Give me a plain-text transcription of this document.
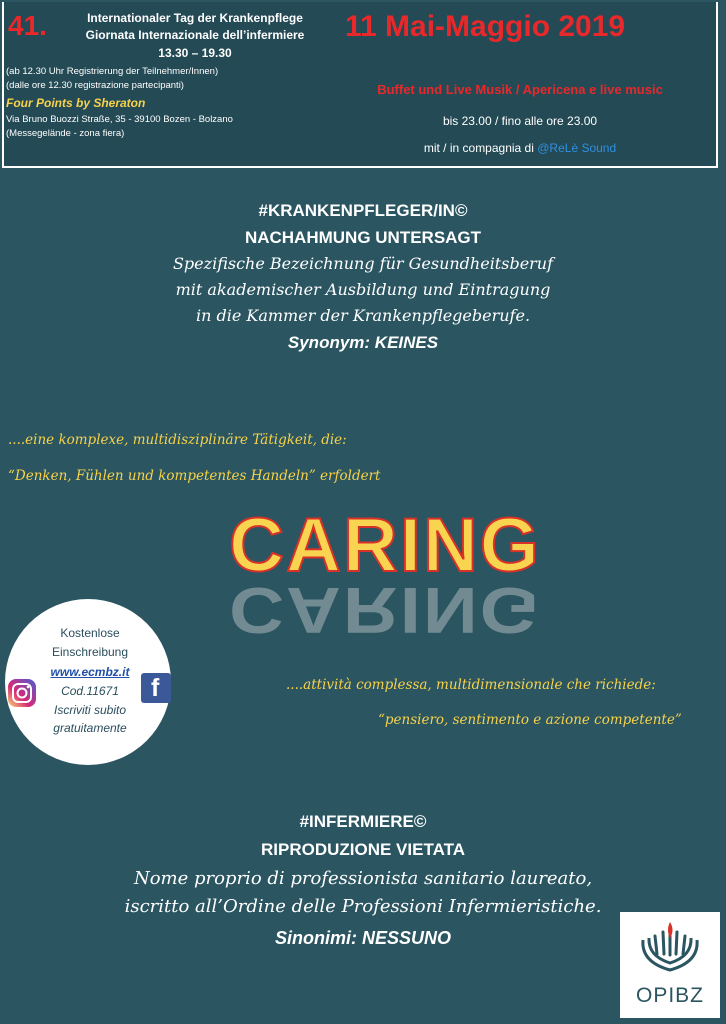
41.	Internationaler Tag der Krankenpflege
Giornata Internazionale dell’infermiere
13.30 – 19.30
(ab 12.30 Uhr Registrierung der Teilnehmer/Innen)
(dalle ore 12.30 registrazione partecipanti)
Four Points by Sheraton
Via Bruno Buozzi Straße, 35 - 39100 Bozen - Bolzano
(Messegelände - zona fiera)
11 Mai-Maggio 2019
Buffet und Live Musik / Apericena e live music
bis 23.00 / fino alle ore 23.00
mit / in compagnia di @ReLè Sound
#KRANKENPFLEGER/IN©
NACHAHMUNG UNTERSAGT
Spezifische Bezeichnung für Gesundheitsberuf
mit akademischer Ausbildung und Eintragung
in die Kammer der Krankenpflegeberufe.
Synonym: KEINES
....eine komplexe, multidisziplinäre Tätigkeit, die:
“Denken, Fühlen und kompetentes Handeln” erfoldert
CARING
CARING
Kostenlose
Einschreibung
www.ecmbz.it
Cod.11671
Iscriviti subito
gratuitamente
f	....attività complessa, multidimensionale che richiede:
“pensiero, sentimento e azione competente”
#INFERMIERE©
RIPRODUZIONE VIETATA
Nome proprio di professionista sanitario laureato,
iscritto all’Ordine delle Professioni Infermieristiche.
Sinonimi: NESSUNO
OPIBZ
